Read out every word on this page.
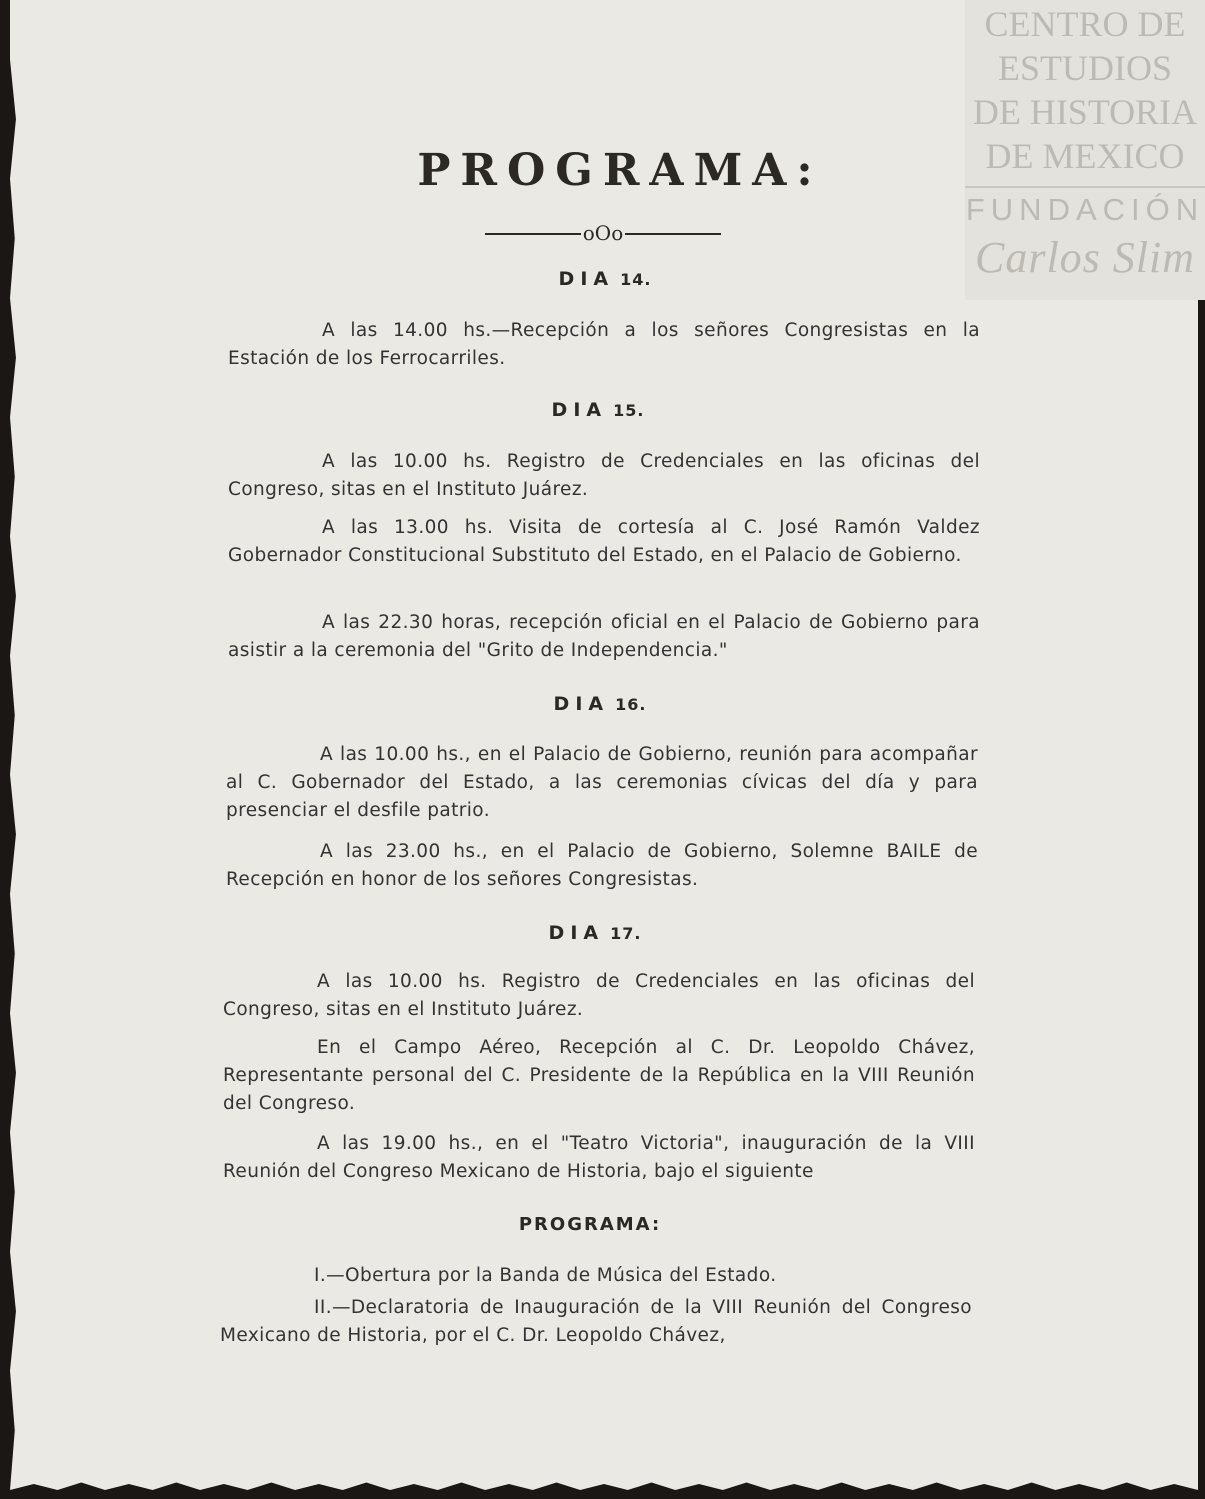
CENTRO DE
ESTUDIOS
DE HISTORIA
DE MEXICO
FUNDACIÓN
Carlos Slim
PROGRAMA:
oOo
DIA 14.

A las 14.00 hs.—Recepción a los señores Congresistas en la Estación de los Ferrocarriles.

DIA 15.

A las 10.00 hs. Registro de Credenciales en las oficinas del Congreso, sitas en el Instituto Juárez.

A las 13.00 hs. Visita de cortesía al C. José Ramón Valdez Gobernador Constitucional Substituto del Estado, en el Palacio de Gobierno.

A las 22.30 horas, recepción oficial en el Palacio de Gobierno para asistir a la ceremonia del "Grito de Independencia."

DIA 16.

A las 10.00 hs., en el Palacio de Gobierno, reunión para acompañar al C. Gobernador del Estado, a las ceremonias cívicas del día y para presenciar el desfile patrio.

A las 23.00 hs., en el Palacio de Gobierno, Solemne BAILE de Recepción en honor de los señores Congresistas.

DIA 17.

A las 10.00 hs. Registro de Credenciales en las oficinas del Congreso, sitas en el Instituto Juárez.

En el Campo Aéreo, Recepción al C. Dr. Leopoldo Chávez, Representante personal del C. Presidente de la República en la VIII Reunión del Congreso.

A las 19.00 hs., en el "Teatro Victoria", inauguración de la VIII Reunión del Congreso Mexicano de Historia, bajo el siguiente

PROGRAMA:

I.—Obertura por la Banda de Música del Estado.

II.—Declaratoria de Inauguración de la VIII Reunión del Congreso Mexicano de Historia, por el C. Dr. Leopoldo Chávez,
